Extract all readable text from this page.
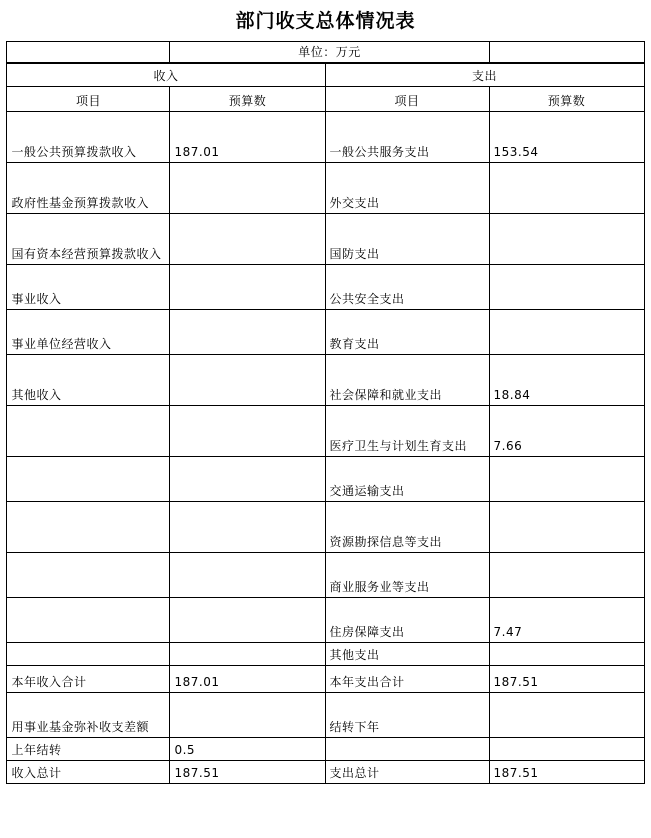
部门收支总体情况表
	单位：万元	
收入		支出	
项目	预算数	项目	预算数
一般公共预算拨款收入	187.01	一般公共服务支出	153.54
政府性基金预算拨款收入		外交支出	
国有资本经营预算拨款收入		国防支出	
事业收入		公共安全支出	
事业单位经营收入		教育支出	
其他收入		社会保障和就业支出	18.84
		医疗卫生与计划生育支出	7.66
		交通运输支出	
		资源勘探信息等支出	
		商业服务业等支出	
		住房保障支出	7.47
		其他支出	
本年收入合计	187.01	本年支出合计	187.51
用事业基金弥补收支差额		结转下年	
上年结转	0.5		
收入总计	187.51	支出总计	187.51
